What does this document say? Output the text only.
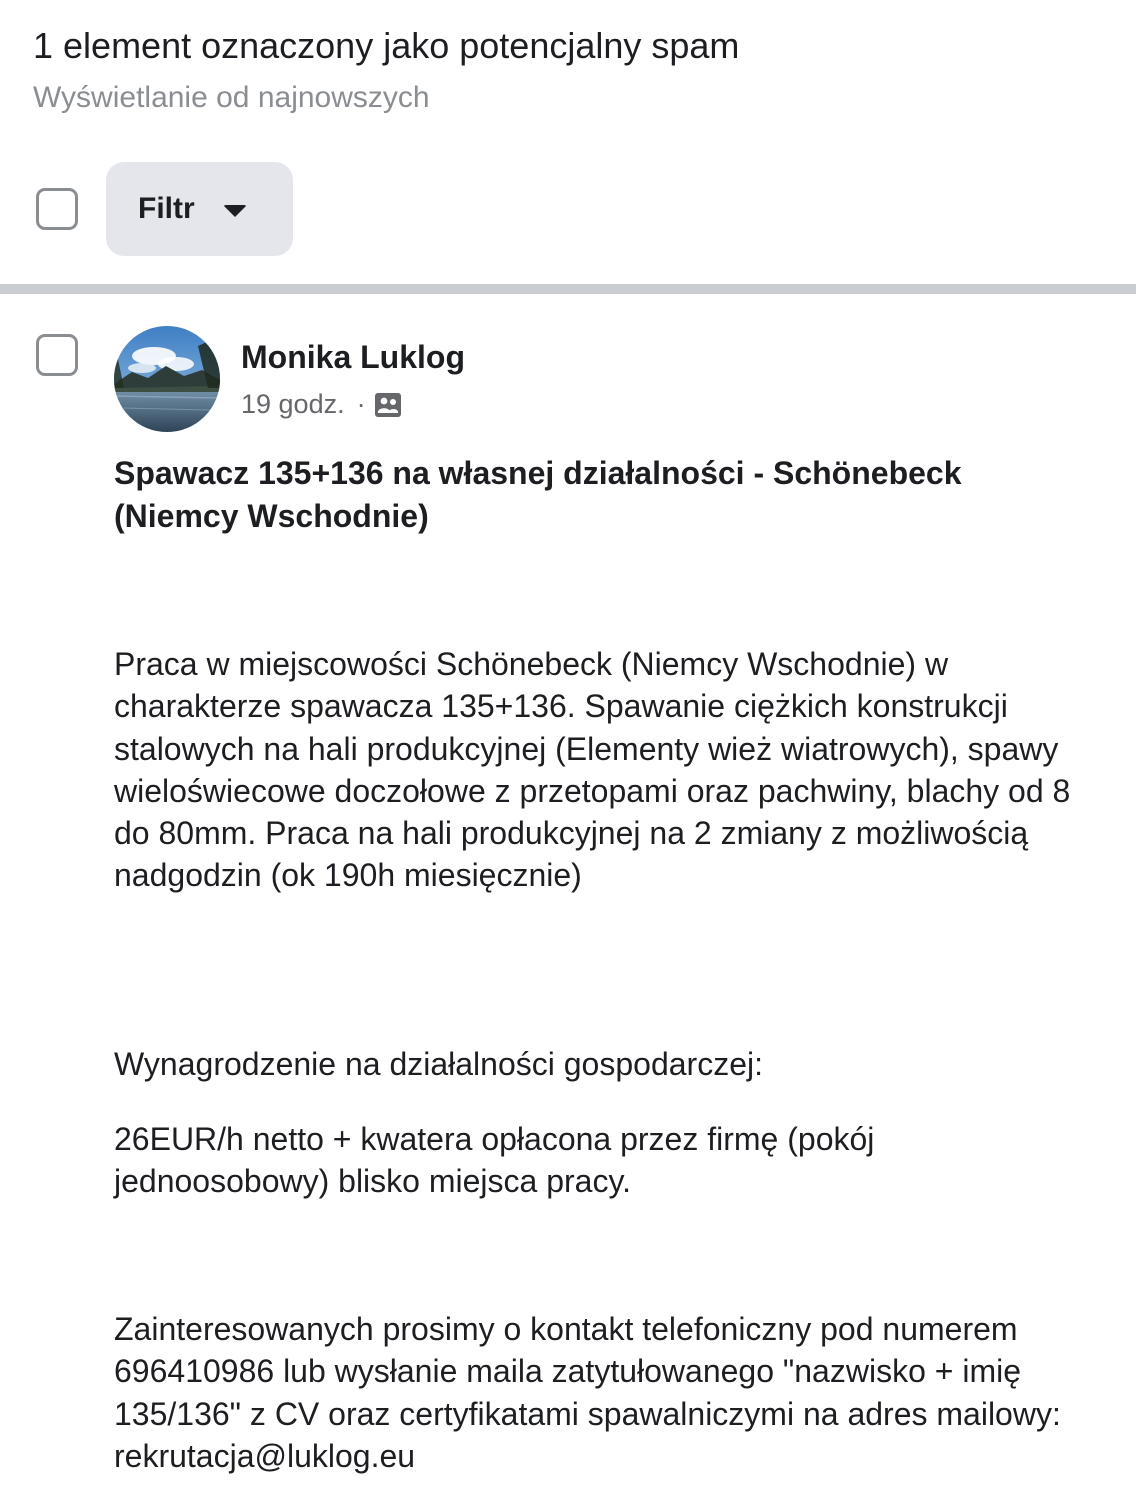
1 element oznaczony jako potencjalny spam
Wyświetlanie od najnowszych
Filtr
Monika Luklog
19 godz. ·
Spawacz 135+136 na własnej działalności - Schönebeck (Niemcy Wschodnie)
Praca w miejscowości Schönebeck (Niemcy Wschodnie) w charakterze spawacza 135+136. Spawanie ciężkich konstrukcji stalowych na hali produkcyjnej (Elementy wież wiatrowych), spawy wieloświecowe doczołowe z przetopami oraz pachwiny, blachy od 8 do 80mm. Praca na hali produkcyjnej na 2 zmiany z możliwością nadgodzin (ok 190h miesięcznie)
Wynagrodzenie na działalności gospodarczej:
26EUR/h netto + kwatera opłacona przez firmę (pokój jednoosobowy) blisko miejsca pracy.
Zainteresowanych prosimy o kontakt telefoniczny pod numerem 696410986 lub wysłanie maila zatytułowanego "nazwisko + imię 135/136" z CV oraz certyfikatami spawalniczymi na adres mailowy: rekrutacja@luklog.eu
